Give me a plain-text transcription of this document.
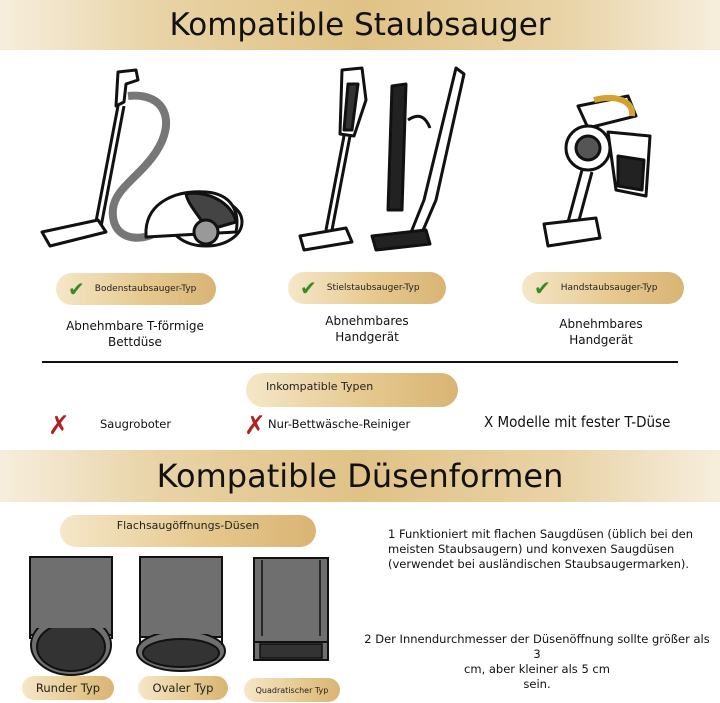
Kompatible Staubsauger
✔ Bodenstaubsauger-Typ	✔ Stielstaubsauger-Typ	✔ Handstaubsauger-Typ
Abnehmbare T-förmige
Bettdüse
Abnehmbares
Handgerät
Abnehmbares
Handgerät
Inkompatible Typen
✗	Saugroboter	✗ Nur-Bettwäsche-Reiniger	X Modelle mit fester T-Düse
Kompatible Düsenformen
Flachsaugöffnungs-Düsen
Runder Typ	Ovaler Typ	Quadratischer Typ
1 Funktioniert mit flachen Saugdüsen (üblich bei den meisten Staubsaugern) und konvexen Saugdüsen (verwendet bei ausländischen Staubsaugermarken).
2 Der Innendurchmesser der Düsenöffnung sollte größer als 3
cm, aber kleiner als 5 cm
sein.
